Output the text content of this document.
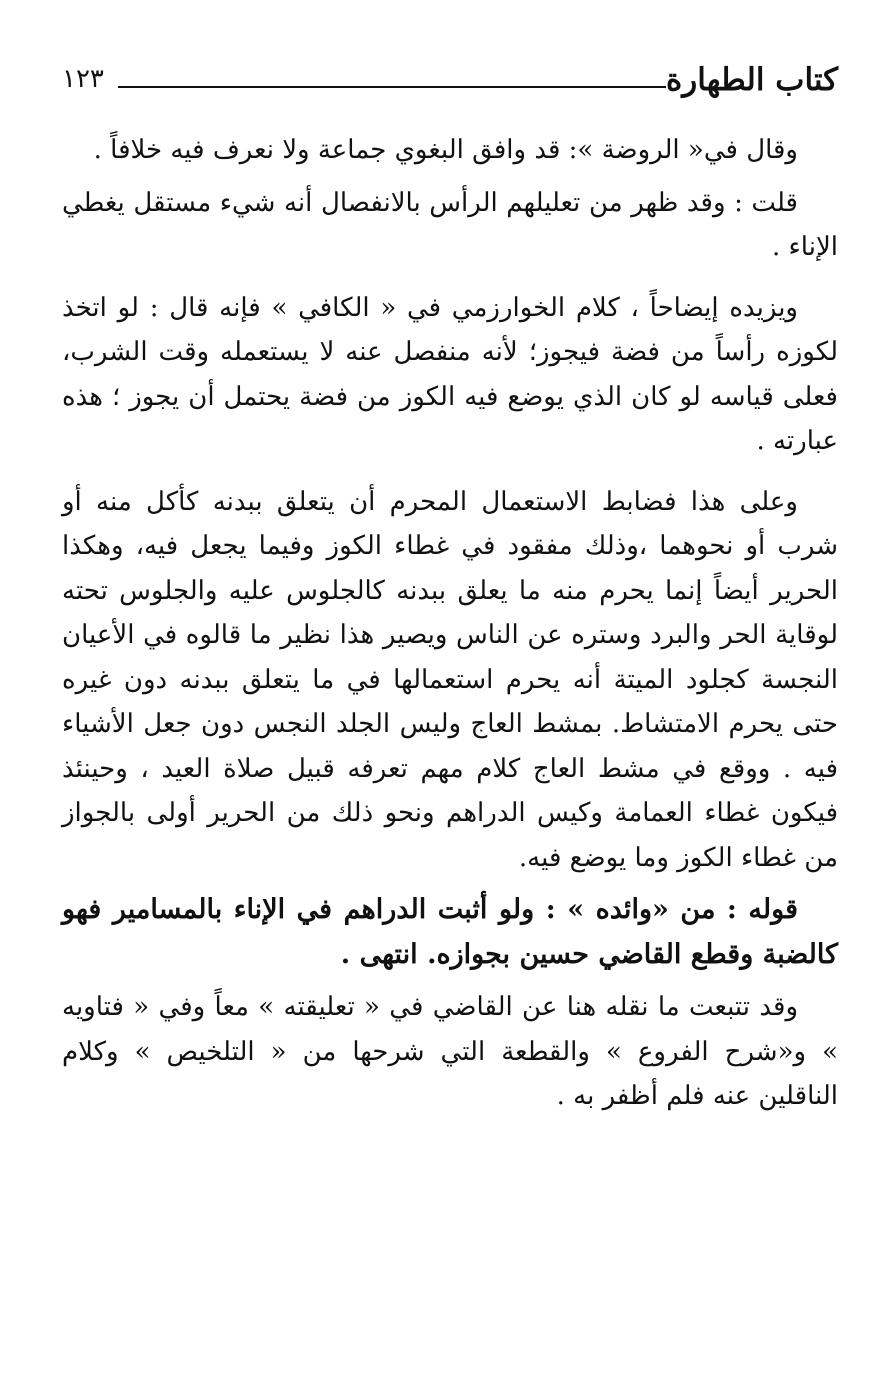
كتاب الطهارة
١٢٣

وقال في« الروضة »: قد وافق البغوي جماعة ولا نعرف فيه خلافاً .

قلت : وقد ظهر من تعليلهم الرأس بالانفصال أنه شيء مستقل يغطي الإناء .

ويزيده إيضاحاً ، كلام الخوارزمي في « الكافي » فإنه قال : لو اتخذ لكوزه رأساً من فضة فيجوز؛ لأنه منفصل عنه لا يستعمله وقت الشرب، فعلى قياسه لو كان الذي يوضع فيه الكوز من فضة يحتمل أن يجوز ؛ هذه عبارته .

وعلى هذا فضابط الاستعمال المحرم أن يتعلق ببدنه كأكل منه أو شرب أو نحوهما ،وذلك مفقود في غطاء الكوز وفيما يجعل فيه، وهكذا الحرير أيضاً إنما يحرم منه ما يعلق ببدنه كالجلوس عليه والجلوس تحته لوقاية الحر والبرد وستره عن الناس ويصير هذا نظير ما قالوه في الأعيان النجسة كجلود الميتة أنه يحرم استعمالها في ما يتعلق ببدنه دون غيره حتى يحرم الامتشاط. بمشط العاج وليس الجلد النجس دون جعل الأشياء فيه . ووقع في مشط العاج كلام مهم تعرفه قبيل صلاة العيد ، وحينئذ فيكون غطاء العمامة وكيس الدراهم ونحو ذلك من الحرير أولى بالجواز من غطاء الكوز وما يوضع فيه.

قوله : من «وائده » : ولو أثبت الدراهم في الإناء بالمسامير فهو كالضبة وقطع القاضي حسين بجوازه. انتهى .

وقد تتبعت ما نقله هنا عن القاضي في « تعليقته » معاً وفي « فتاويه » و«شرح الفروع » والقطعة التي شرحها من « التلخيص » وكلام الناقلين عنه فلم أظفر به .
